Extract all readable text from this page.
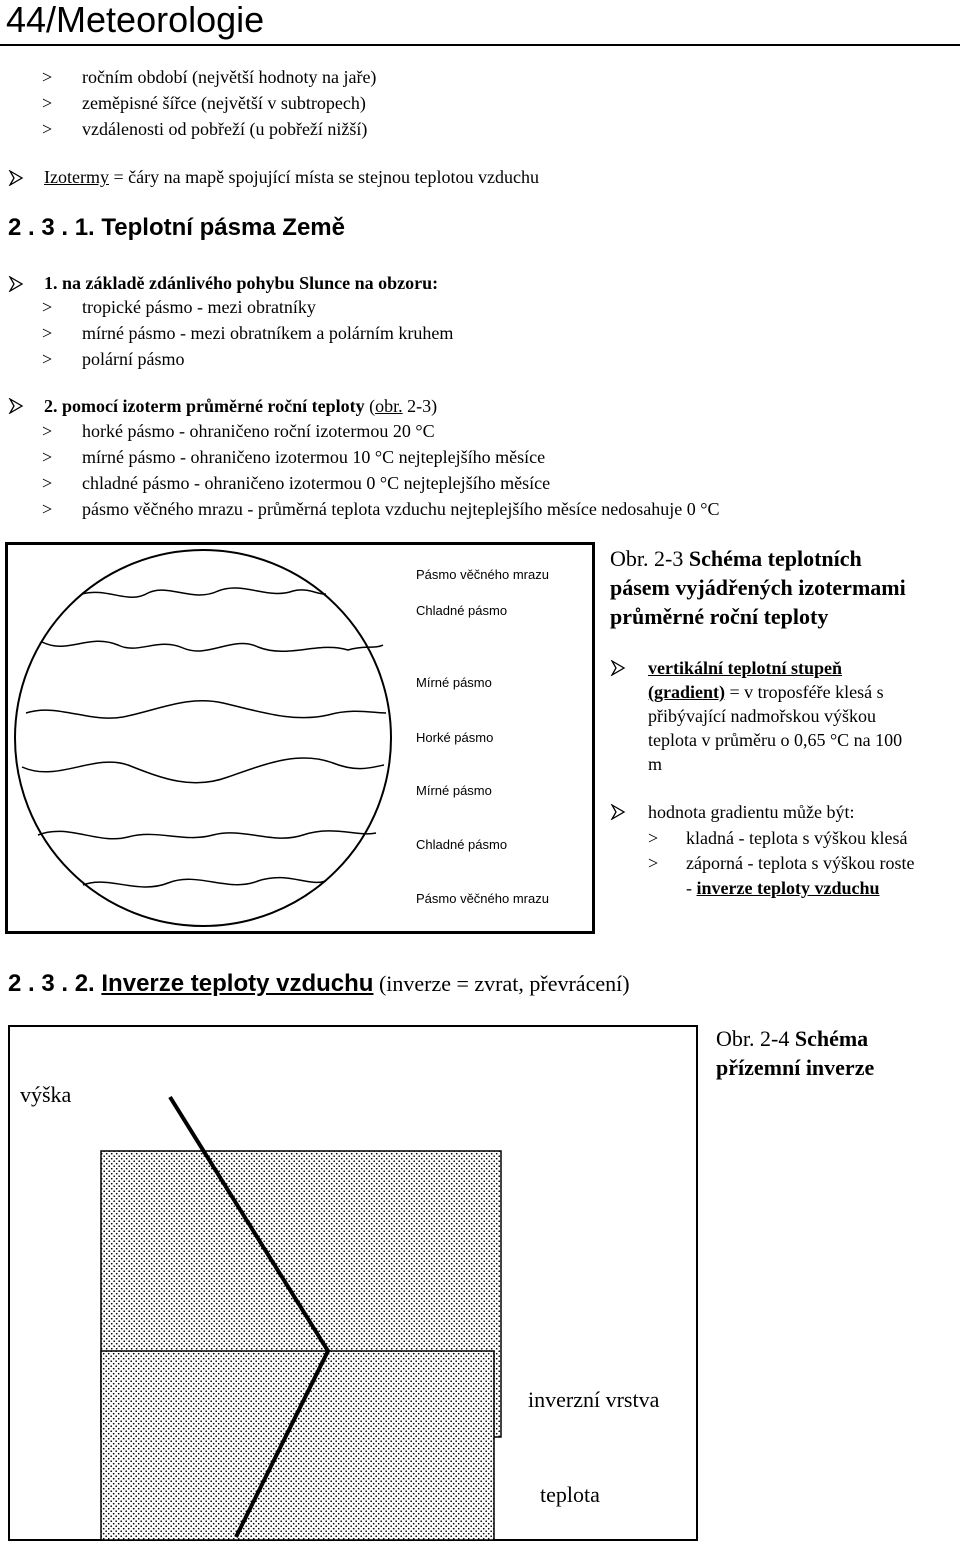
44/Meteorologie
> ročním období (největší hodnoty na jaře)
> zeměpisné šířce (největší v subtropech)
> vzdálenosti od pobřeží (u pobřeží nižší)
Izotermy = čáry na mapě spojující místa se stejnou teplotou vzduchu
2 . 3 . 1. Teplotní pásma Země
1. na základě zdánlivého pohybu Slunce na obzoru:
> tropické pásmo - mezi obratníky
> mírné pásmo - mezi obratníkem a polárním kruhem
> polární pásmo
2. pomocí izoterm průměrné roční teploty (obr. 2-3)
> horké pásmo - ohraničeno roční izotermou 20 °C
> mírné pásmo - ohraničeno izotermou 10 °C nejteplejšího měsíce
> chladné pásmo - ohraničeno izotermou 0 °C nejteplejšího měsíce
> pásmo věčného mrazu - průměrná teplota vzduchu nejteplejšího měsíce nedosahuje 0 °C
Pásmo věčného mrazu
Chladné pásmo
Mírné pásmo
Horké pásmo
Mírné pásmo
Chladné pásmo
Pásmo věčného mrazu
Obr. 2-3 Schéma teplotních
pásem vyjádřených izotermami
průměrné roční teploty
vertikální teplotní stupeň
(gradient) = v troposféře klesá s
přibývající nadmořskou výškou
teplota v průměru o 0,65 °C na 100
m
hodnota gradientu může být:
> kladná - teplota s výškou klesá
> záporná - teplota s výškou roste
- inverze teploty vzduchu
2 . 3 . 2. Inverze teploty vzduchu (inverze = zvrat, převrácení)
výška
inverzní vrstva
teplota
Obr. 2-4 Schéma
přízemní inverze
